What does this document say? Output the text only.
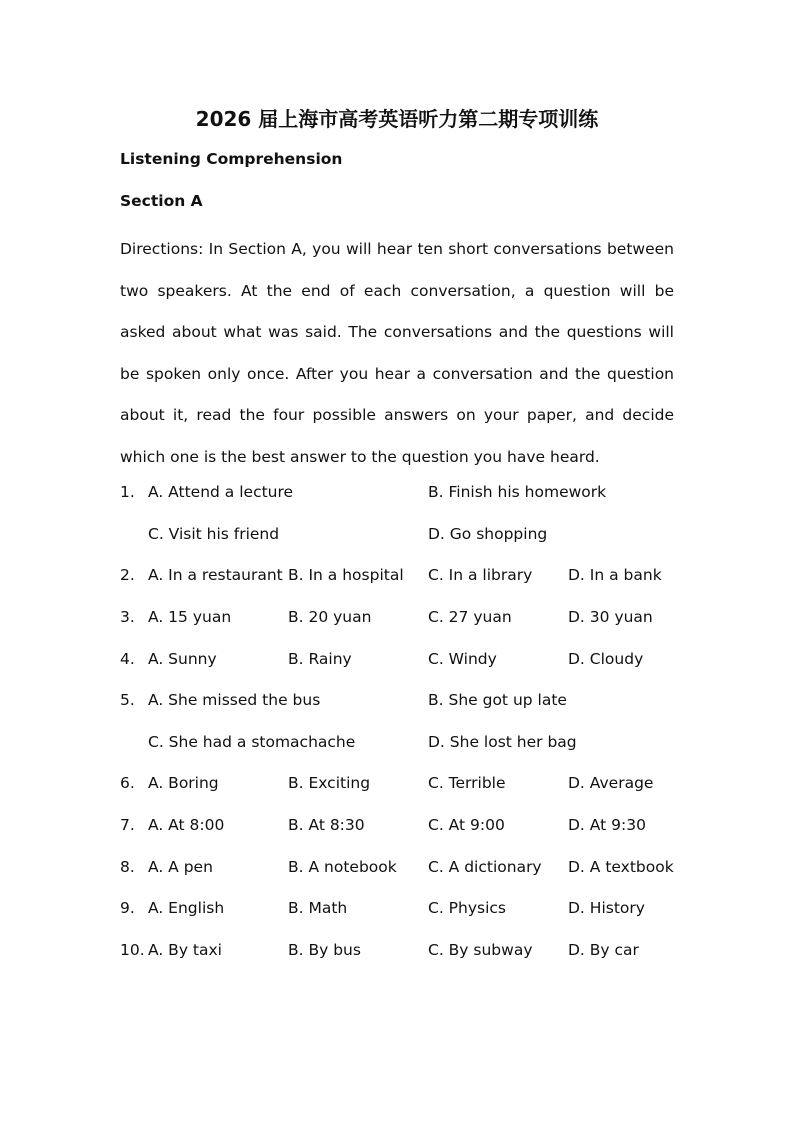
2026 届上海市高考英语听力第二期专项训练
Listening Comprehension
Section A
Directions: In Section A, you will hear ten short conversations between two speakers. At the end of each conversation, a question will be asked about what was said. The conversations and the questions will be spoken only once. After you hear a conversation and the question about it, read the four possible answers on your paper, and decide which one is the best answer to the question you have heard.
1. A. Attend a lecture	B. Finish his homework
C. Visit his friend	D. Go shopping
2. A. In a restaurant B. In a hospital C. In a library D. In a bank
3. A. 15 yuan	B. 20 yuan	C. 27 yuan	D. 30 yuan
4. A. Sunny	B. Rainy	C. Windy	D. Cloudy
5. A. She missed the bus	B. She got up late
C. She had a stomachache	D. She lost her bag
6. A. Boring	B. Exciting	C. Terrible	D. Average
7. A. At 8:00	B. At 8:30	C. At 9:00	D. At 9:30
8. A. A pen	B. A notebook C. A dictionary D. A textbook
9. A. English	B. Math	C. Physics	D. History
10. A. By taxi	B. By bus	C. By subway D. By car
